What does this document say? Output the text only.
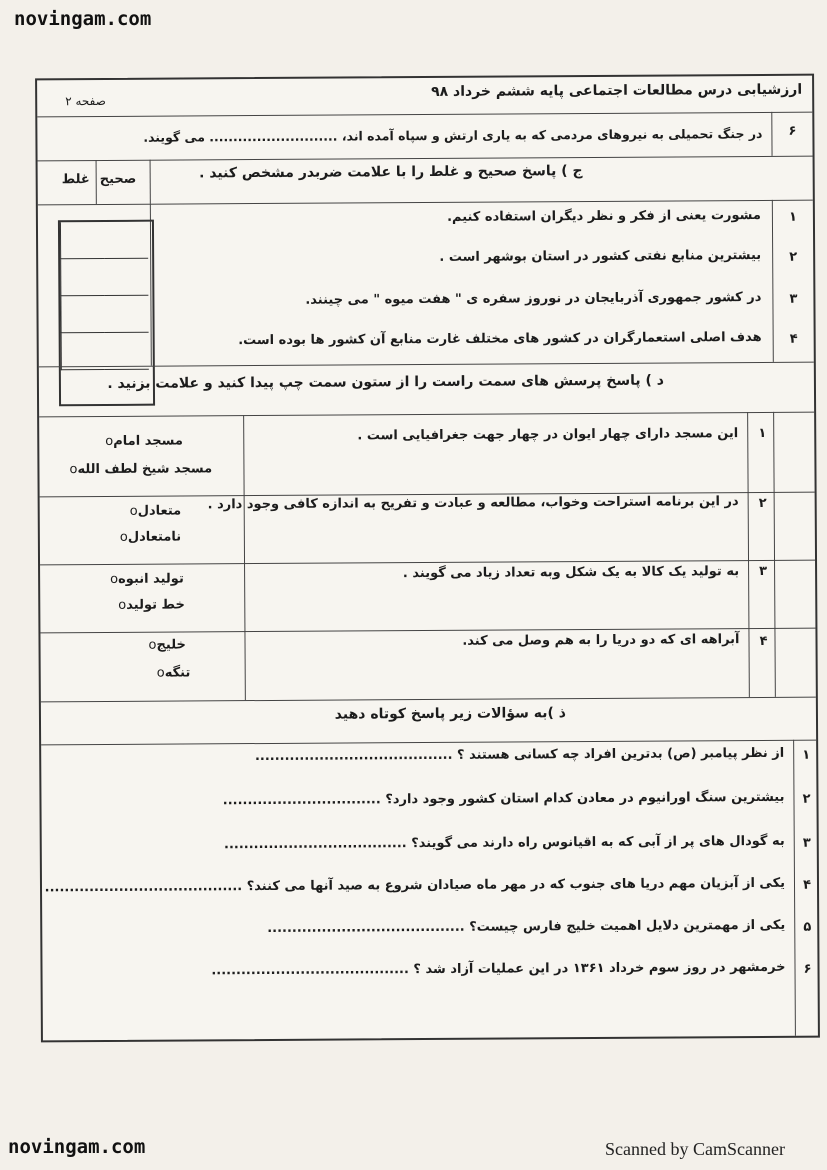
novingam.com
novingam.com	Scanned by CamScanner
ارزشیابی درس مطالعات اجتماعی پایه ششم خرداد ۹۸
صفحه ۲
۶
در جنگ تحمیلی به نیروهای مردمی که به یاری ارتش و سپاه آمده اند، ........................... می گویند.
ج ) پاسخ صحیح و غلط را با علامت ضربدر مشخص کنید .
صحیح
غلط
۱
مشورت یعنی از فکر و نظر دیگران استفاده کنیم.
۲
بیشترین منابع نفتی کشور در استان بوشهر است .
۳
در کشور جمهوری آذربایجان در نوروز سفره ی " هفت میوه " می چینند.
۴
هدف اصلی استعمارگران در کشور های مختلف غارت منابع آن کشور ها بوده است.
د ) پاسخ پرسش های سمت راست را از ستون سمت چپ پیدا کنید و علامت بزنید .
۱
این مسجد دارای چهار ایوان در چهار جهت جغرافیایی است .
مسجد امامo
مسجد شیخ لطف اللهo
۲
در این برنامه استراحت وخواب، مطالعه و عبادت و تفریح به اندازه کافی وجود دارد .
متعادلo
نامتعادلo
۳
به تولید یک کالا به یک شکل وبه تعداد زیاد می گویند .
تولید انبوهo
خط تولیدo
۴
آبراهه ای که دو دریا را به هم وصل می کند.
خلیجo
تنگهo
ذ )به سؤالات زیر پاسخ کوتاه دهید
۱
از نظر پیامبر (ص) بدترین افراد چه کسانی هستند ؟ ........................................
۲
بیشترین سنگ اورانیوم در معادن کدام استان کشور وجود دارد؟ ................................
۳
به گودال های پر از آبی که به اقیانوس راه دارند می گویند؟ .....................................
۴
یکی از آبزیان مهم دریا های جنوب که در مهر ماه صیادان شروع به صید آنها می کنند؟ ........................................
۵
یکی از مهمترین دلایل اهمیت خلیج فارس چیست؟ ........................................
۶
خرمشهر در روز سوم خرداد ۱۳۶۱ در این عملیات آزاد شد ؟ ........................................
